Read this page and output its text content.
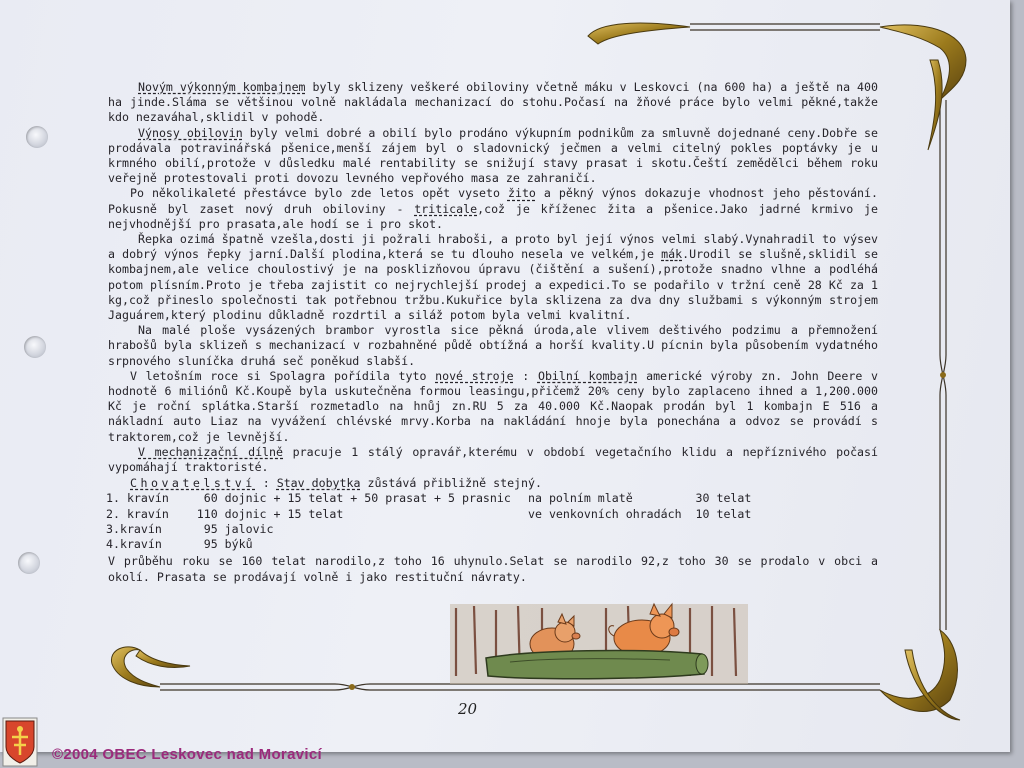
Novým výkonným kombajnem byly sklizeny veškeré obiloviny včetně máku v Leskovci (na 600 ha) a ještě na 400 ha jinde.Sláma se většinou volně nakládala mechanizací do stohu.Počasí na žňové práce bylo velmi pěkné,takže kdo nezaváhal,sklidil v pohodě.

Výnosy obilovin byly velmi dobré a obilí bylo prodáno výkupním podnikům za smluvně dojednané ceny.Dobře se prodávala potravinářská pšenice,menší zájem byl o sladovnický ječmen a velmi citelný pokles poptávky je u krmného obilí,protože v důsledku malé rentability se snižují stavy prasat i skotu.Čeští zemědělci během roku veřejně protestovali proti dovozu levného vepřového masa ze zahraničí.

Po několikaleté přestávce bylo zde letos opět vyseto žito a pěkný výnos dokazuje vhodnost jeho pěstování. Pokusně byl zaset nový druh obiloviny - triticale,což je kříženec žita a pšenice.Jako jadrné krmivo je nejvhodnější pro prasata,ale hodí se i pro skot.

Řepka ozimá špatně vzešla,dosti ji požrali hraboši, a proto byl její výnos velmi slabý.Vynahradil to výsev a dobrý výnos řepky jarní.Další plodina,která se tu dlouho nesela ve velkém,je mák.Urodil se slušně,sklidil se kombajnem,ale velice choulostivý je na posklizňovou úpravu (čištění a sušení),protože snadno vlhne a podléhá potom plísním.Proto je třeba zajistit co nejrychlejší prodej a expedici.To se podařilo v tržní ceně 28 Kč za 1 kg,což přineslo společnosti tak potřebnou tržbu.Kukuřice byla sklizena za dva dny službami s výkonným strojem Jaguárem,který plodinu důkladně rozdrtil a siláž potom byla velmi kvalitní.

Na malé ploše vysázených brambor vyrostla sice pěkná úroda,ale vlivem deštivého podzimu a přemnožení hrabošů byla sklizeň s mechanizací v rozbahněné půdě obtížná a horší kvality.U pícnin byla působením vydatného srpnového sluníčka druhá seč poněkud slabší.

V letošním roce si Spolagra pořídila tyto nové stroje : Obilní kombajn americké výroby zn. John Deere v hodnotě 6 miliónů Kč.Koupě byla uskutečněna formou leasingu,přičemž 20% ceny bylo zaplaceno ihned a 1,200.000 Kč je roční splátka.Starší rozmetadlo na hnůj zn.RU 5 za 40.000 Kč.Naopak prodán byl 1 kombajn E 516 a nákladní auto Liaz na vyvážení chlévské mrvy.Korba na nakládání hnoje byla ponechána a odvoz se provádí s traktorem,což je levnější.

V mechanizační dílně pracuje 1 stálý opravář,kterému v období vegetačního klidu a nepříznivého počasí vypomáhají traktoristé.

Chovatelství : Stav dobytka zůstává přibližně stejný.

1. kravín     60 dojnic + 15 telat + 50 prasat + 5 prasnic	na polním mlatě         30 telat
2. kravín    110 dojnic + 15 telat	ve venkovních ohradách  10 telat
3.kravín      95 jalovic
4.kravín      95 býků

V průběhu roku se 160 telat narodilo,z toho 16 uhynulo.Selat se narodilo 92,z toho 30 se prodalo v obci a okolí. Prasata se prodávají volně i jako restituční návraty.

20
©2004 OBEC Leskovec nad Moravicí
